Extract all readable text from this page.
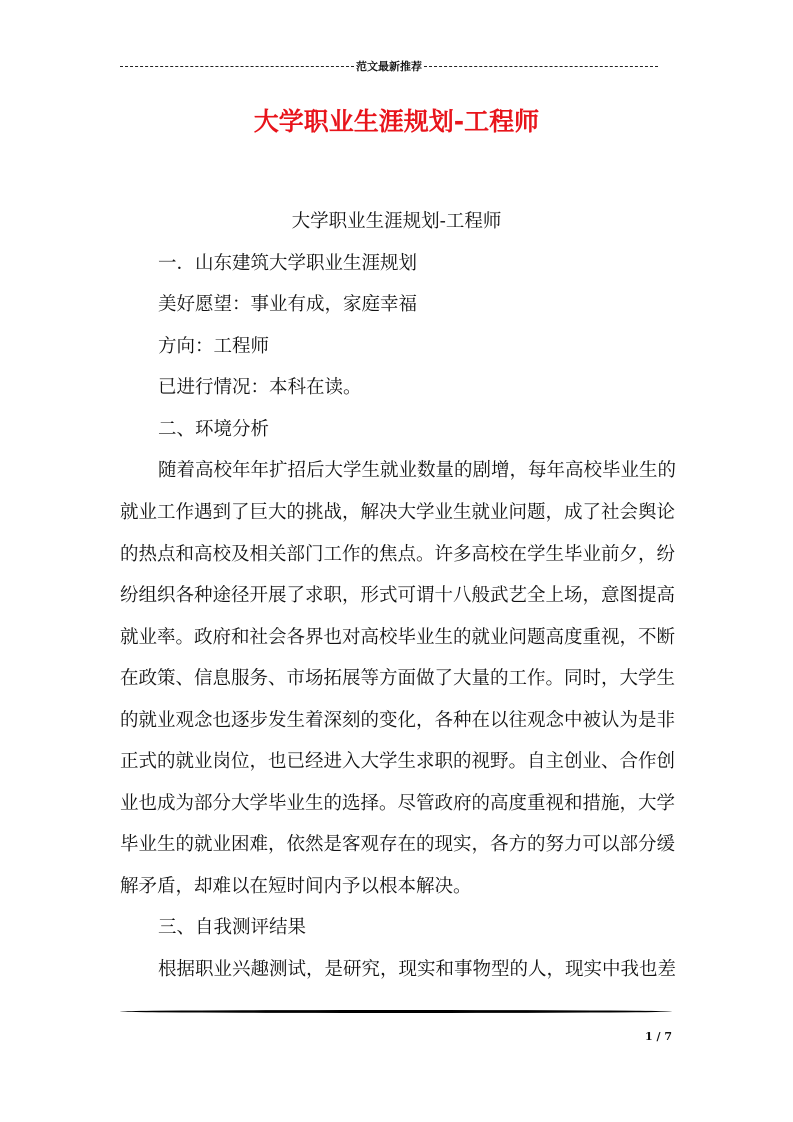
范文最新推荐
大学职业生涯规划-工程师
大学职业生涯规划-工程师
一．山东建筑大学职业生涯规划
美好愿望：事业有成，家庭幸福
方向：工程师
已进行情况：本科在读。
二、环境分析
随着高校年年扩招后大学生就业数量的剧增，每年高校毕业生的
就业工作遇到了巨大的挑战，解决大学业生就业问题，成了社会舆论
的热点和高校及相关部门工作的焦点。许多高校在学生毕业前夕，纷
纷组织各种途径开展了求职，形式可谓十八般武艺全上场，意图提高
就业率。政府和社会各界也对高校毕业生的就业问题高度重视，不断
在政策、信息服务、市场拓展等方面做了大量的工作。同时，大学生
的就业观念也逐步发生着深刻的变化，各种在以往观念中被认为是非
正式的就业岗位，也已经进入大学生求职的视野。自主创业、合作创
业也成为部分大学毕业生的选择。尽管政府的高度重视和措施，大学
毕业生的就业困难，依然是客观存在的现实，各方的努力可以部分缓
解矛盾，却难以在短时间内予以根本解决。
三、自我测评结果
根据职业兴趣测试，是研究，现实和事物型的人，现实中我也差
1 / 7
